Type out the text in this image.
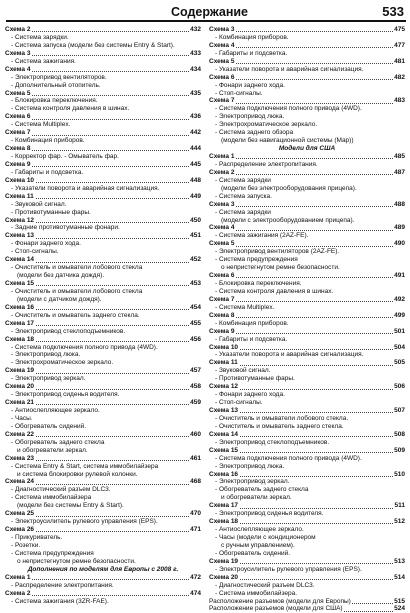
Содержание	533
Схема 2	432
- Система зарядки.
- Система запуска (модели без системы Entry & Start).
Схема 3	433
- Система зажигания.
Схема 4	434
- Электропривод вентиляторов.
- Дополнительный отопитель.
Схема 5	435
- Блокировка переключения.
- Система контроля давления в шинах.
Схема 6	436
- Система Multiplex.
Схема 7	442
- Комбинация приборов.
Схема 8	444
- Корректор фар. - Омыватель фар.
Схема 9	445
- Габариты и подсветка.
Схема 10	448
- Указатели поворота и аварийная сигнализация.
Схема 11	449
- Звуковой сигнал.
- Противотуманные фары.
Схема 12	450
- Задние противотуманные фонари.
Схема 13	451
- Фонари заднего хода.
- Стоп-сигналы.
Схема 14	452
- Очиститель и омыватели лобового стекла
(модели без датчика дождя).
Схема 15	453
- Очиститель и омыватели лобового стекла
(модели с датчиком дождя).
Схема 16	454
- Очиститель и омыватель заднего стекла.
Схема 17	455
- Электропривод стеклоподъемников.
Схема 18	456
- Система подключения полного привода (4WD).
- Электропривод люка.
- Электрохроматическое зеркало.
Схема 19	457
- Электропривод зеркал.
Схема 20	458
- Электропривод сиденья водителя.
Схема 21	459
- Антиослепляющее зеркало.
- Часы.
- Обогреватель сидений.
Схема 22	460
- Обогреватель заднего стекла
и обогреватели зеркал.
Схема 23	461
- Система Entry & Start, система иммобилайзера
и система блокировки рулевой колонки.
Схема 24	468
- Диагностический разъем DLC3.
- Система иммобилайзера
(модели без системы Entry & Start).
Схема 25	470
- Электроусилитель рулевого управления (EPS).
Схема 26	471
- Прикуриватель.
- Розетки.
- Система предупреждения
о непристегнутом ремне безопасности.
Дополнения по моделям для Европы с 2008 г.
Схема 1	472
- Распределение электропитания.
Схема 2	474
- Система зажигания (3ZR-FAE).
Схема 3	475
- Комбинация приборов.
Схема 4	477
- Габариты и подсветка.
Схема 5	481
- Указатели поворота и аварийная сигнализация.
Схема 6	482
- Фонари заднего хода.
- Стоп-сигналы.
Схема 7	483
- Система подключения полного привода (4WD).
- Электропривод люка.
- Электрохроматическое зеркало.
- Система заднего обзора
(модели без навигационной системы (Map))
Модели для США
Схема 1	485
- Распределение электропитания.
Схема 2	487
- Система зарядки
(модели без электрооборудования прицепа).
- Система запуска.
Схема 3	488
- Система зарядки
(модели с электрооборудованием прицепа).
Схема 4	489
- Система зажигания (2AZ-FE).
Схема 5	490
- Электропривод вентиляторов (2AZ-FE).
- Система предупреждения
о непристегнутом ремне безопасности.
Схема 6	491
- Блокировка переключения.
- Система контроля давления в шинах.
Схема 7	492
- Система Multiplex.
Схема 8	499
- Комбинация приборов.
Схема 9	501
- Габариты и подсветка.
Схема 10	504
- Указатели поворота и аварийная сигнализация.
Схема 11	505
- Звуковой сигнал.
- Противотуманные фары.
Схема 12	506
- Фонари заднего хода.
- Стоп-сигналы.
Схема 13	507
- Очиститель и омыватели лобового стекла.
- Очиститель и омыватель заднего стекла.
Схема 14	508
- Электропривод стеклоподъемников.
Схема 15	509
- Система подключения полного привода (4WD).
- Электропривод люка.
Схема 16	510
- Электропривод зеркал.
- Обогреватель заднего стекла
и обогреватели зеркал.
Схема 17	511
- Электропривод сиденья водителя.
Схема 18	512
- Антиослепляющее зеркало.
- Часы (модели с кондиционером
с ручным управлением).
- Обогреватель сидений.
Схема 19	513
- Электроусилитель рулевого управления (EPS).
Схема 20	514
- Диагностический разъем DLC3.
- Система иммобилайзера.
Расположение разъемов (модели для Европы)	515
Расположение разъемов (модели для США)	524
